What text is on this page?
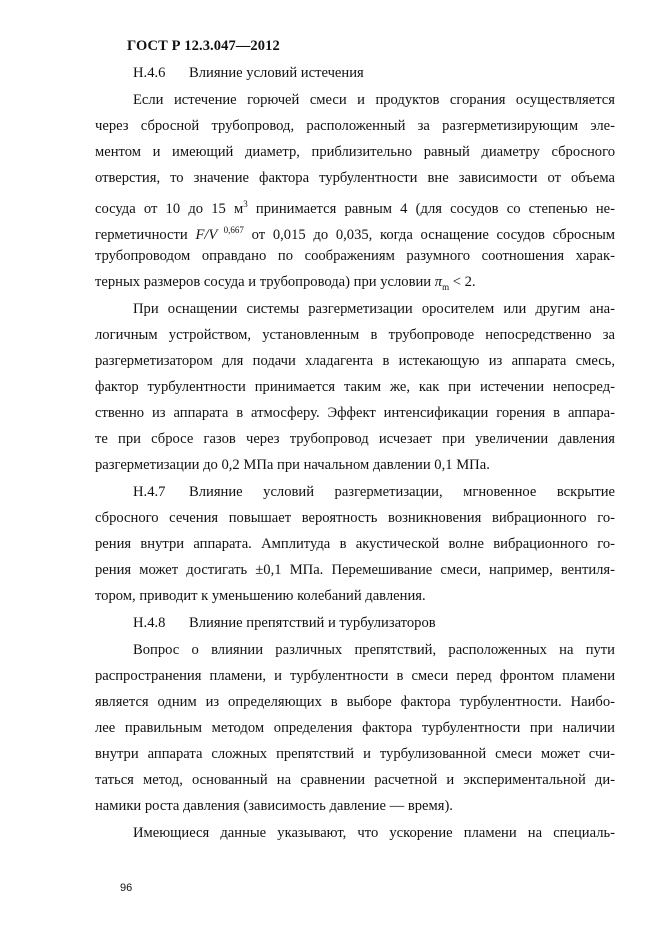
ГОСТ Р 12.3.047—2012
Н.4.6 Влияние условий истечения
Если истечение горючей смеси и продуктов сгорания осуществляется
через сбросной трубопровод, расположенный за разгерметизирующим эле-
ментом и имеющий диаметр, приблизительно равный диаметру сбросного
отверстия, то значение фактора турбулентности вне зависимости от объема
сосуда от 10 до 15 $м^3$ принимается равным 4 (для сосудов со степенью не-
герметичности F/V $^{0,667}$ от 0,015 до 0,035, когда оснащение сосудов сбросным
трубопроводом оправдано по соображениям разумного соотношения харак-
терных размеров сосуда и трубопровода) при условии $\pi_m < 2$.
При оснащении системы разгерметизации оросителем или другим ана-
логичным устройством, установленным в трубопроводе непосредственно за
разгерметизатором для подачи хладагента в истекающую из аппарата смесь,
фактор турбулентности принимается таким же, как при истечении непосред-
ственно из аппарата в атмосферу. Эффект интенсификации горения в аппара-
те при сбросе газов через трубопровод исчезает при увеличении давления
разгерметизации до 0,2 МПа при начальном давлении 0,1 МПа.
Н.4.7 Влияние условий разгерметизации, мгновенное вскрытие
сбросного сечения повышает вероятность возникновения вибрационного го-
рения внутри аппарата. Амплитуда в акустической волне вибрационного го-
рения может достигать ±0,1 МПа. Перемешивание смеси, например, вентиля-
тором, приводит к уменьшению колебаний давления.
Н.4.8 Влияние препятствий и турбулизаторов
Вопрос о влиянии различных препятствий, расположенных на пути
распространения пламени, и турбулентности в смеси перед фронтом пламени
является одним из определяющих в выборе фактора турбулентности. Наибо-
лее правильным методом определения фактора турбулентности при наличии
внутри аппарата сложных препятствий и турбулизованной смеси может счи-
таться метод, основанный на сравнении расчетной и экспериментальной ди-
намики роста давления (зависимость давление — время).
Имеющиеся данные указывают, что ускорение пламени на специаль-
96
